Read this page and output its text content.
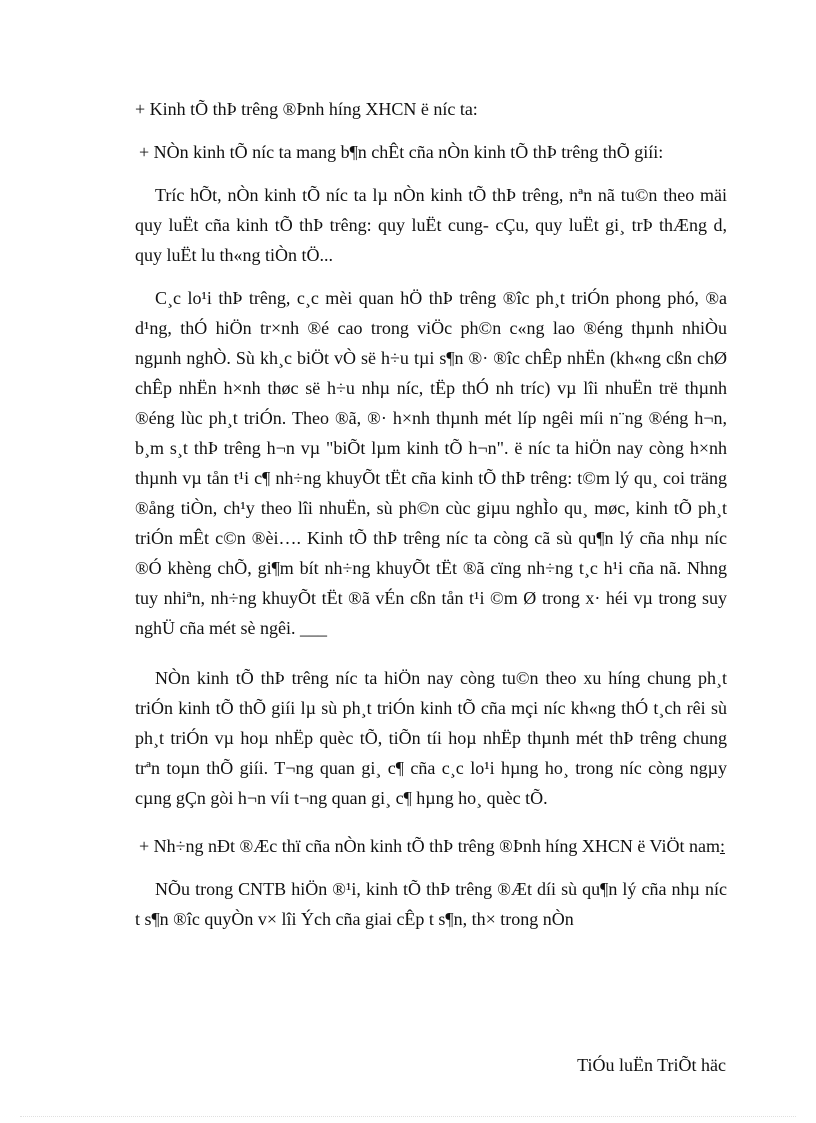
+ Kinh tÕ thÞ trêng ®Þnh híng XHCN ë níc ta:

+ NÒn kinh tÕ níc ta mang b¶n chÊt cña nÒn kinh tÕ thÞ trêng thÕ giíi:

Tríc hÕt, nÒn kinh tÕ níc ta lµ nÒn kinh tÕ thÞ trêng, nªn nã tu©n theo mäi quy luËt cña kinh tÕ thÞ trêng: quy luËt cung- cÇu, quy luËt gi¸ trÞ thÆng d, quy luËt lu th«ng tiÒn tÖ...

C¸c lo¹i thÞ trêng, c¸c mèi quan hÖ thÞ trêng ®îc ph¸t triÓn phong phó, ®a d¹ng, thÓ hiÖn tr×nh ®é cao trong viÖc ph©n c«ng lao ®éng thµnh nhiÒu ngµnh nghÒ. Sù kh¸c biÖt vÒ së h÷u tµi s¶n ®· ®îc chÊp nhËn (kh«ng cßn chØ chÊp nhËn h×nh thøc së h÷u nhµ níc, tËp thÓ nh tríc) vµ lîi nhuËn trë thµnh ®éng lùc ph¸t triÓn. Theo ®ã, ®· h×nh thµnh mét líp ngêi míi n¨ng ®éng h¬n, b¸m s¸t thÞ trêng h¬n vµ "biÕt lµm kinh tÕ h¬n". ë níc ta hiÖn nay còng h×nh thµnh vµ tån t¹i c¶ nh÷ng khuyÕt tËt cña kinh tÕ thÞ trêng: t©m lý qu¸ coi träng ®ång tiÒn, ch¹y theo lîi nhuËn, sù ph©n cùc giµu nghÌo qu¸ møc, kinh tÕ ph¸t triÓn mÊt c©n ®èi…. Kinh tÕ thÞ trêng níc ta còng cã sù qu¶n lý cña nhµ níc ®Ó khèng chÕ, gi¶m bít nh÷ng khuyÕt tËt ®ã cïng nh÷ng t¸c h¹i cña nã. Nhng tuy nhiªn, nh÷ng khuyÕt tËt ®ã vÉn cßn tån t¹i ©m Ø trong x· héi vµ trong suy nghÜ cña mét sè ngêi. ___

NÒn kinh tÕ thÞ trêng níc ta hiÖn nay còng tu©n theo xu híng chung ph¸t triÓn kinh tÕ thÕ giíi lµ sù ph¸t triÓn kinh tÕ cña mçi níc kh«ng thÓ t¸ch rêi sù ph¸t triÓn vµ hoµ nhËp quèc tÕ, tiÕn tíi hoµ nhËp thµnh mét thÞ trêng chung trªn toµn thÕ giíi. T¬ng quan gi¸ c¶ cña c¸c lo¹i hµng ho¸ trong níc còng ngµy cµng gÇn gòi h¬n víi t¬ng quan gi¸ c¶ hµng ho¸ quèc tÕ.

+ Nh÷ng nÐt ®Æc thï cña nÒn kinh tÕ thÞ trêng ®Þnh híng XHCN ë ViÖt nam:

NÕu trong CNTB hiÖn ®¹i, kinh tÕ thÞ trêng ®Æt díi sù qu¶n lý cña nhµ níc t s¶n ®îc quyÒn v× lîi Ých cña giai cÊp t s¶n, th× trong nÒn

TiÓu luËn TriÕt häc
